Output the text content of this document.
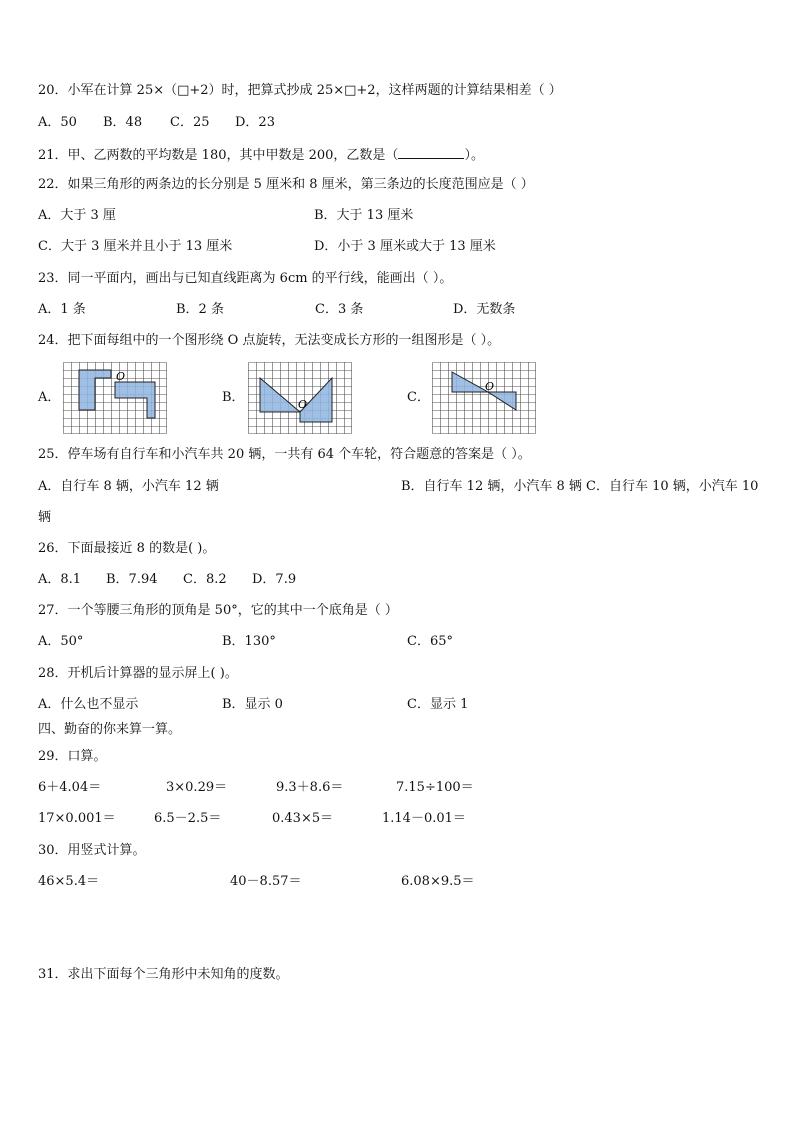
20．小军在计算 25×（□+2）时，把算式抄成 25×□+2，这样两题的计算结果相差（ ）
A．50 B．48 C．25 D．23
21．甲、乙两数的平均数是 180，其中甲数是 200，乙数是（	）。
22．如果三角形的两条边的长分别是 5 厘米和 8 厘米，第三条边的长度范围应是（ ）
A．大于 3 厘	B．大于 13 厘米
C．大于 3 厘米并且小于 13 厘米	D．小于 3 厘米或大于 13 厘米
23．同一平面内，画出与已知直线距离为 6cm 的平行线，能画出（ ）。
A．1 条	B．2 条	C．3 条	D．无数条
24．把下面每组中的一个图形绕 O 点旋转，无法变成长方形的一组图形是（ ）。
A．	B．	C．
O
O
O
25．停车场有自行车和小汽车共 20 辆，一共有 64 个车轮，符合题意的答案是（ ）。
A．自行车 8 辆，小汽车 12 辆	B．自行车 12 辆，小汽车 8 辆 C．自行车 10 辆，小汽车 10
辆
26．下面最接近 8 的数是( )。
A．8.1 B．7.94 C．8.2 D．7.9
27．一个等腰三角形的顶角是 50°，它的其中一个底角是（ ）
A．50°	B．130°	C．65°
28．开机后计算器的显示屏上( )。
A．什么也不显示	B．显示 0	C．显示 1
四、勤奋的你来算一算。
29．口算。
6＋4.04＝	3×0.29＝	9.3＋8.6＝	7.15÷100＝
17×0.001＝	6.5－2.5＝	0.43×5＝	1.14－0.01＝
30．用竖式计算。
46×5.4＝	40－8.57＝	6.08×9.5＝
31．求出下面每个三角形中未知角的度数。
